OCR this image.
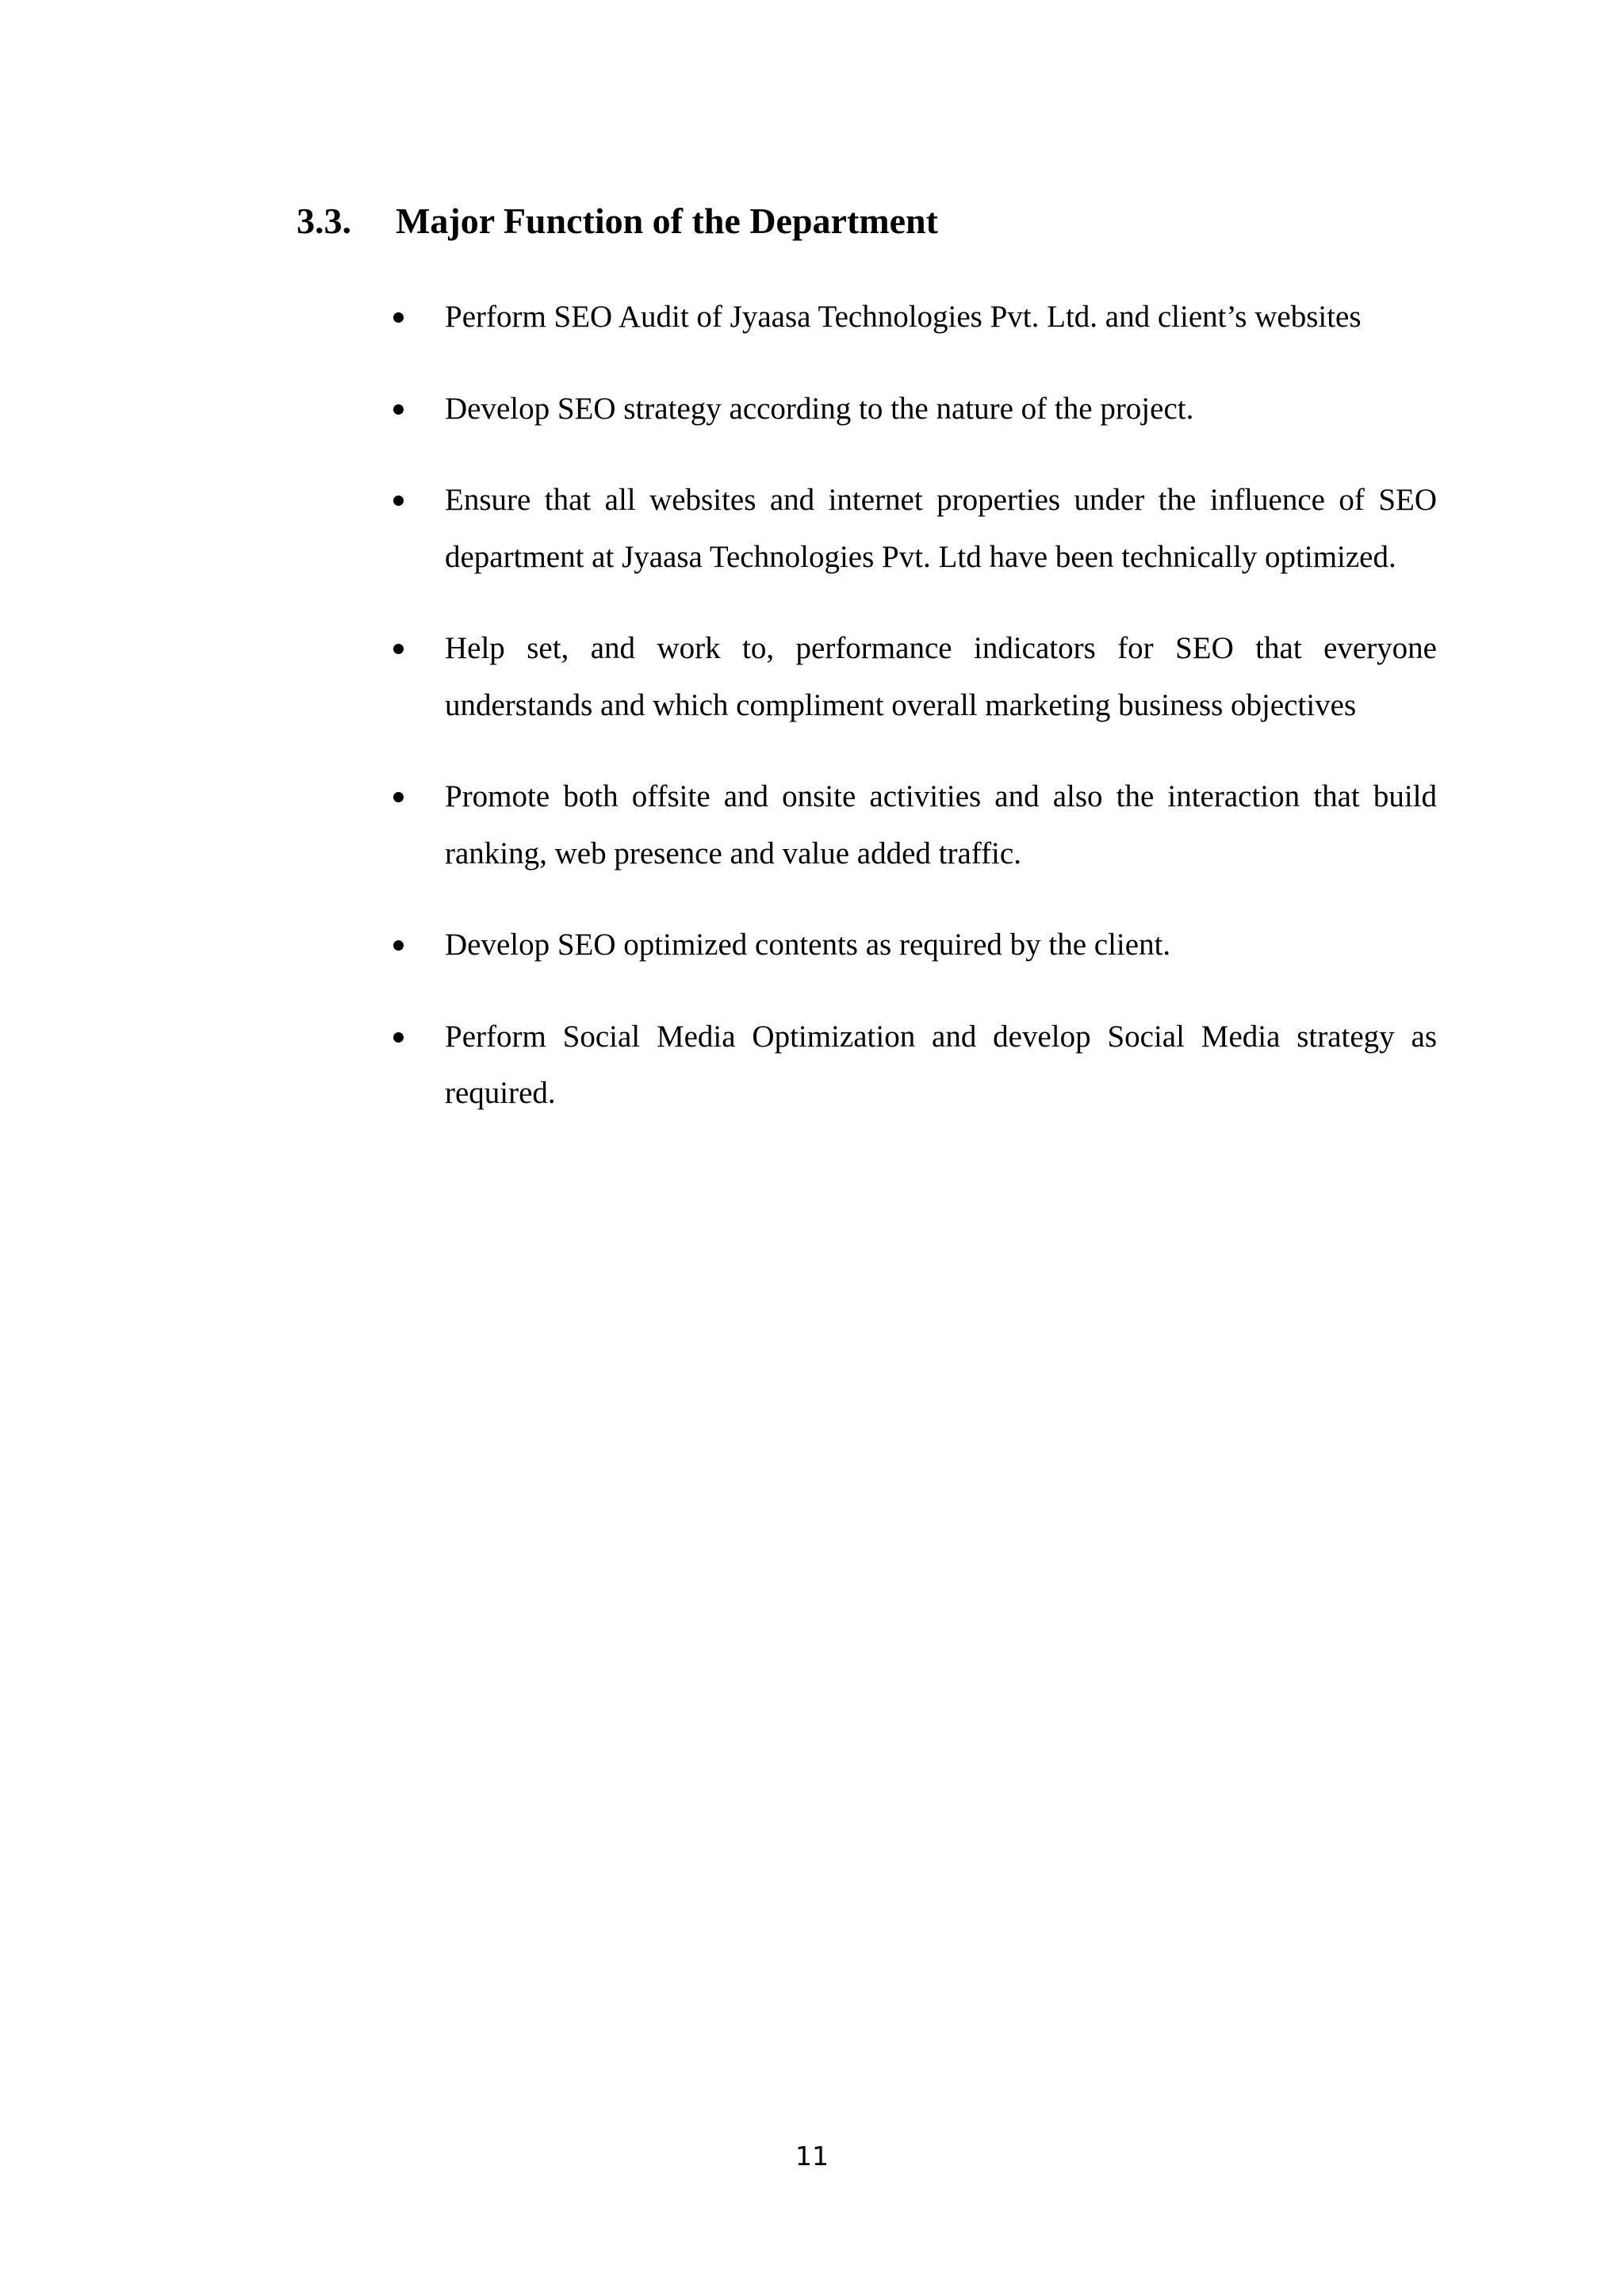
3.3. Major Function of the Department
Perform SEO Audit of Jyaasa Technologies Pvt. Ltd. and client’s websites
Develop SEO strategy according to the nature of the project.
Ensure that all websites and internet properties under the influence of SEO department at Jyaasa Technologies Pvt. Ltd have been technically optimized.
Help set, and work to, performance indicators for SEO that everyone understands and which compliment overall marketing business objectives
Promote both offsite and onsite activities and also the interaction that build ranking, web presence and value added traffic.
Develop SEO optimized contents as required by the client.
Perform Social Media Optimization and develop Social Media strategy as required.
11
